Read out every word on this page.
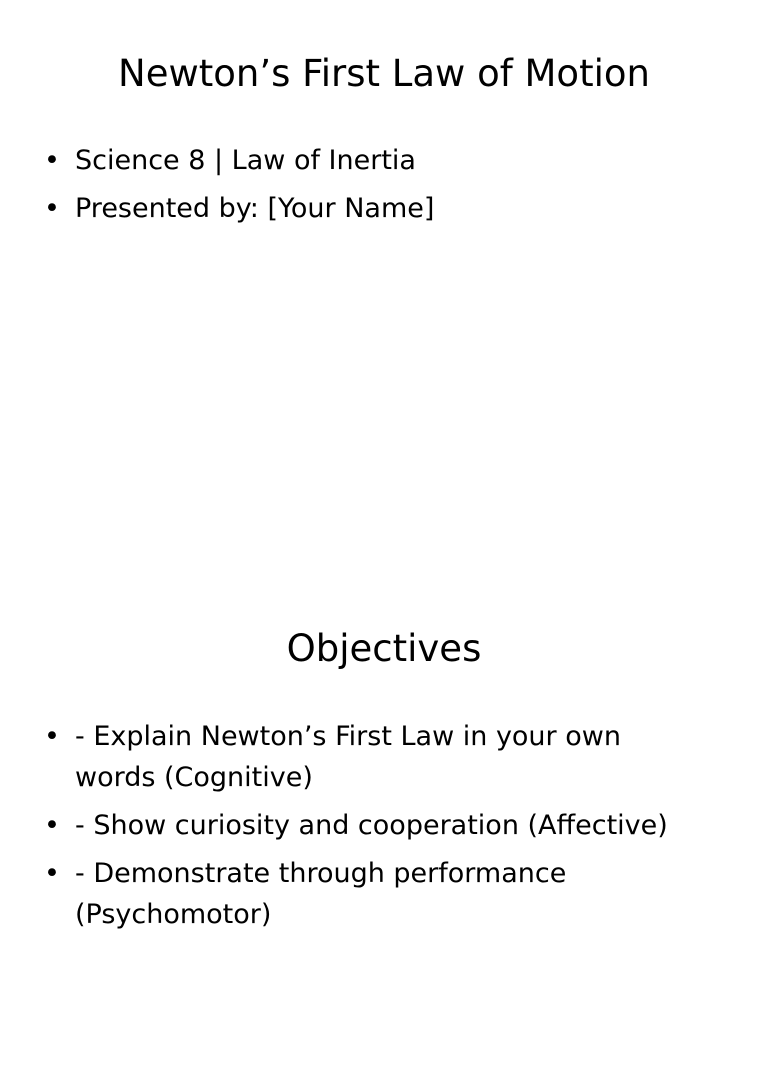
Newton’s First Law of Motion
• Science 8 | Law of Inertia
• Presented by: [Your Name]
Objectives
• - Explain Newton’s First Law in your own words (Cognitive)
• - Show curiosity and cooperation (Affective)
• - Demonstrate through performance (Psychomotor)
